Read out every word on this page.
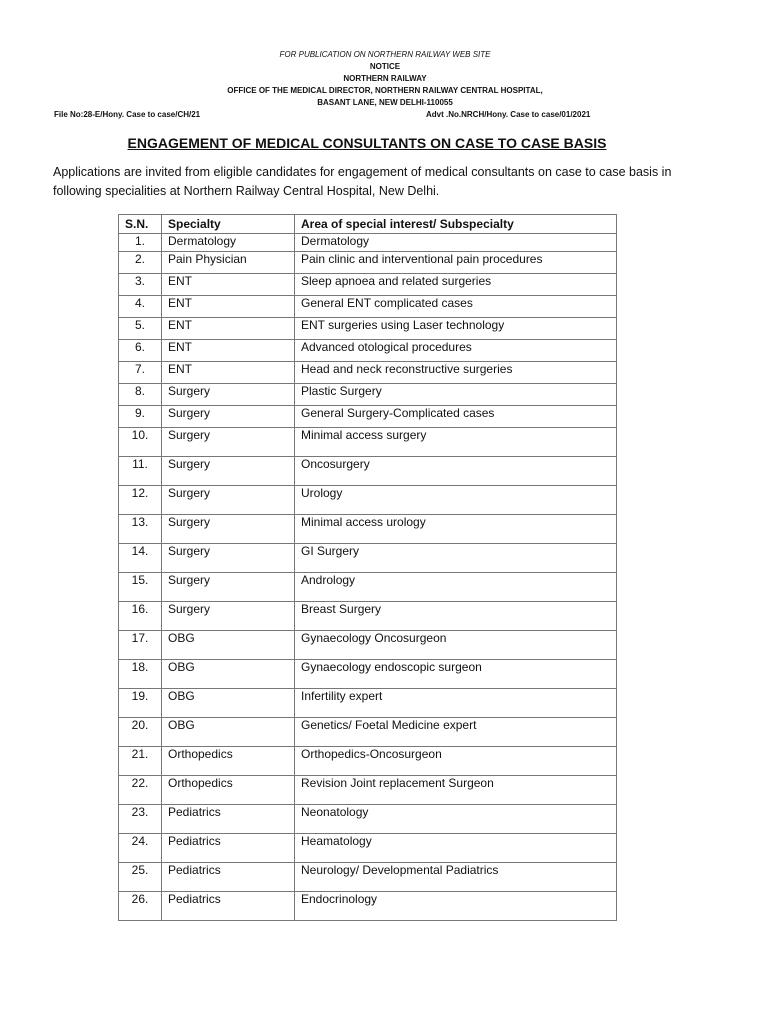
FOR PUBLICATION ON NORTHERN RAILWAY WEB SITE
NOTICE
NORTHERN RAILWAY
OFFICE OF THE MEDICAL DIRECTOR, NORTHERN RAILWAY CENTRAL HOSPITAL,
BASANT LANE, NEW DELHI-110055
File No:28-E/Hony. Case to case/CH/21	Advt .No.NRCH/Hony. Case to case/01/2021
ENGAGEMENT OF MEDICAL CONSULTANTS ON CASE TO CASE BASIS
Applications are invited from eligible candidates for engagement of medical consultants on case to case basis in following specialities at Northern Railway Central Hospital, New Delhi.
S.N.	Specialty	Area of special interest/ Subspecialty
1.	Dermatology	Dermatology
2.	Pain Physician	Pain clinic and interventional pain procedures
3.	ENT	Sleep apnoea and related surgeries
4.	ENT	General ENT complicated cases
5.	ENT	ENT surgeries using Laser technology
6.	ENT	Advanced otological procedures
7.	ENT	Head and neck reconstructive surgeries
8.	Surgery	Plastic Surgery
9.	Surgery	General Surgery-Complicated cases
10.	Surgery	Minimal access surgery
11.	Surgery	Oncosurgery
12.	Surgery	Urology
13.	Surgery	Minimal access urology
14.	Surgery	GI Surgery
15.	Surgery	Andrology
16.	Surgery	Breast Surgery
17.	OBG	Gynaecology Oncosurgeon
18.	OBG	Gynaecology endoscopic surgeon
19.	OBG	Infertility expert
20.	OBG	Genetics/ Foetal Medicine expert
21.	Orthopedics	Orthopedics-Oncosurgeon
22.	Orthopedics	Revision Joint replacement Surgeon
23.	Pediatrics	Neonatology
24.	Pediatrics	Heamatology
25.	Pediatrics	Neurology/ Developmental Padiatrics
26.	Pediatrics	Endocrinology
